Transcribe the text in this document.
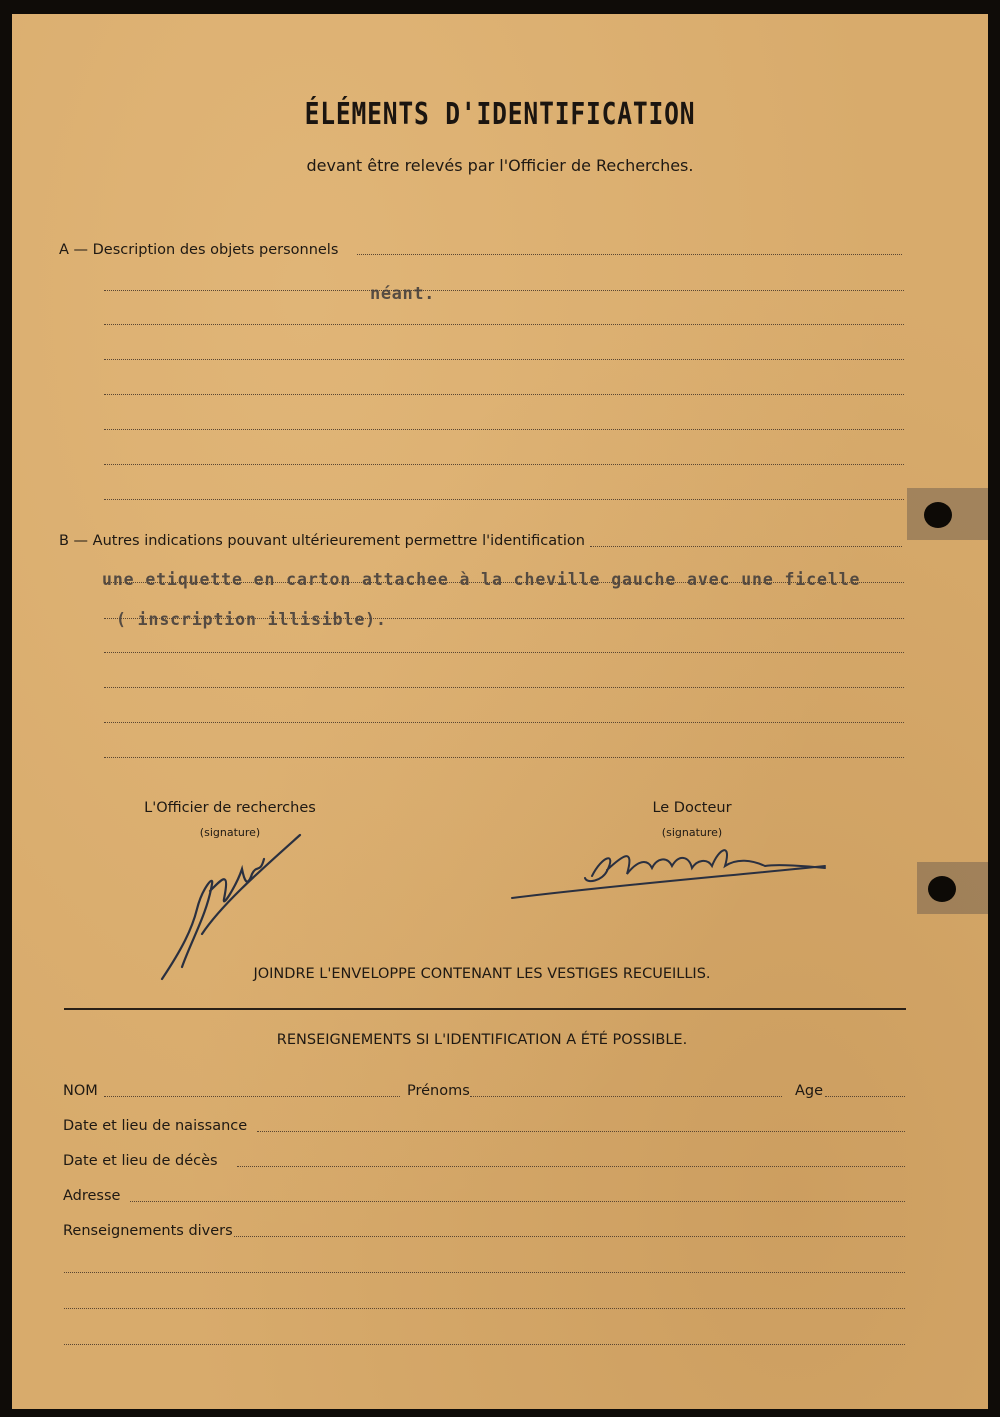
ÉLÉMENTS D'IDENTIFICATION
devant être relevés par l'Officier de Recherches.
A — Description des objets personnels
néant.
B — Autres indications pouvant ultérieurement permettre l'identification
une etiquette en carton attachee à la cheville gauche avec une ficelle
( inscription illisible).
L'Officier de recherches
(signature)
Le Docteur
(signature)
JOINDRE L'ENVELOPPE CONTENANT LES VESTIGES RECUEILLIS.
RENSEIGNEMENTS SI L'IDENTIFICATION A ÉTÉ POSSIBLE.
NOM	Prénoms	Age
Date et lieu de naissance
Date et lieu de décès
Adresse
Renseignements divers
